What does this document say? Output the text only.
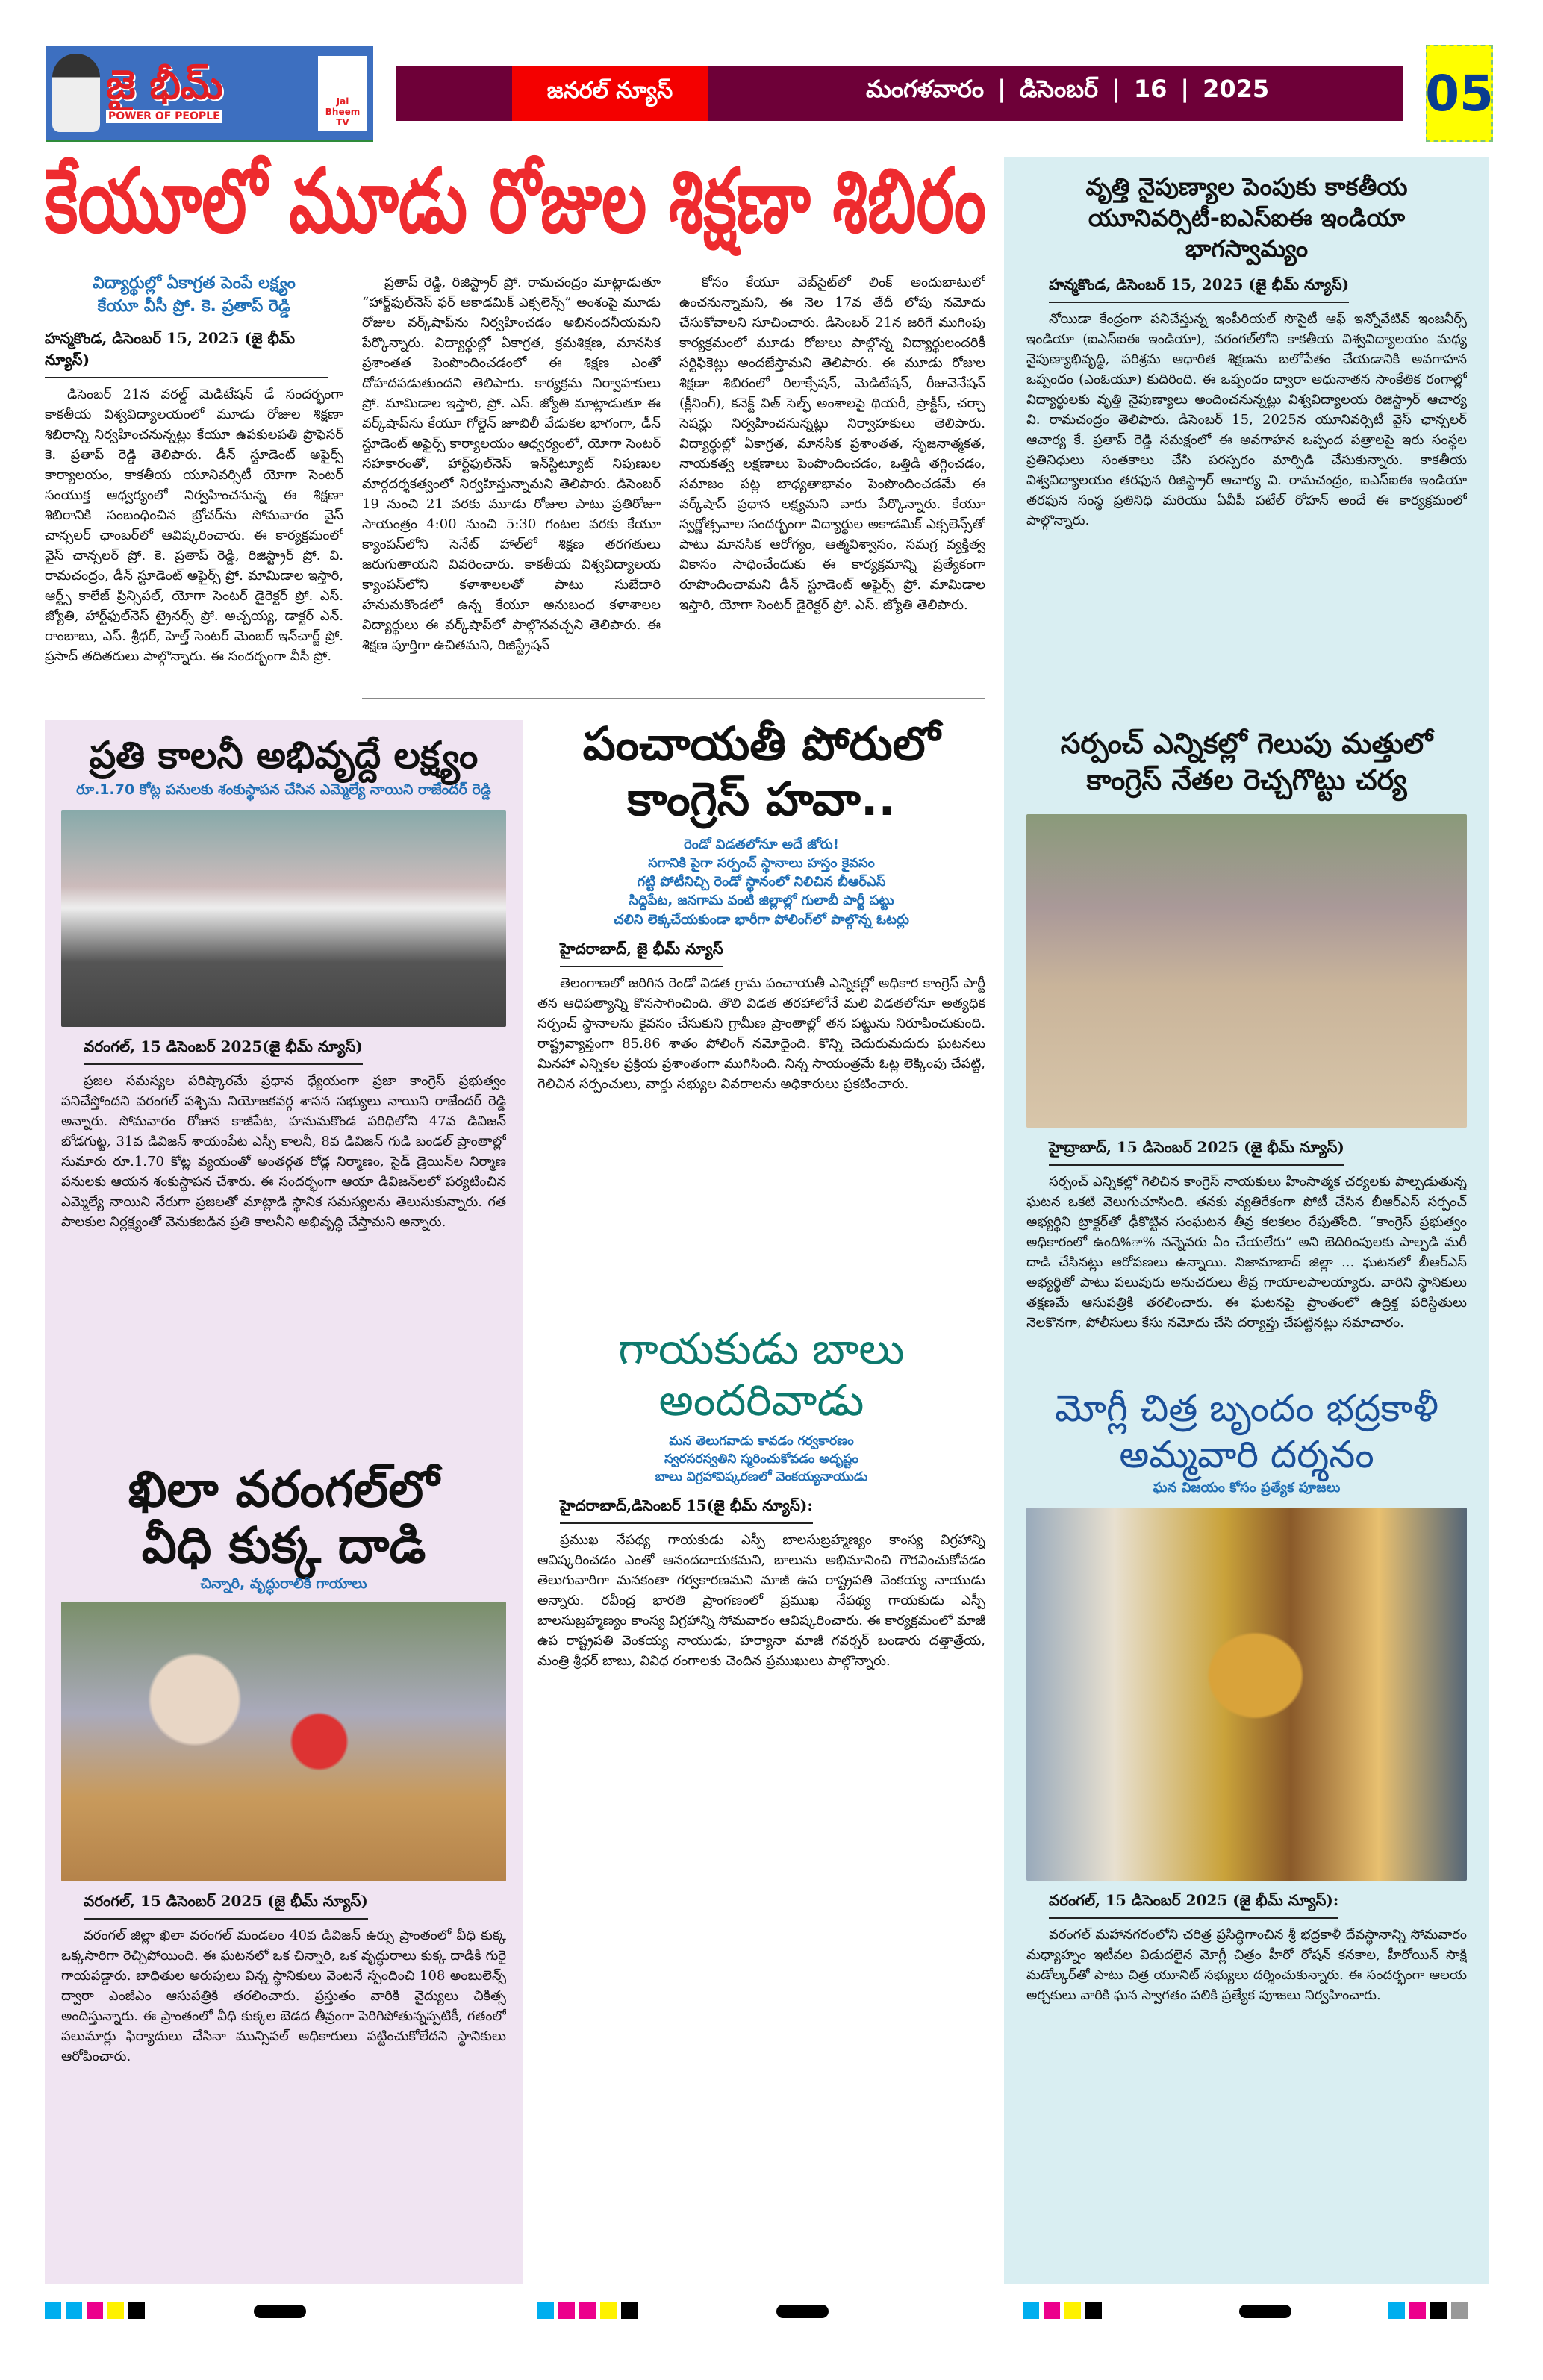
జై భీమ్
POWER OF PEOPLE
Jai Bheem TV
జనరల్ న్యూస్	మంగళవారం | డిసెంబర్ | 16 | 2025	05
కేయూలో మూడు రోజుల శిక్షణా శిబిరం
విద్యార్థుల్లో ఏకాగ్రత పెంపే లక్ష్యం
కేయూ వీసీ ప్రో. కె. ప్రతాప్ రెడ్డి
హన్మకొండ, డిసెంబర్ 15, 2025 (జై భీమ్ న్యూస్)
డిసెంబర్ 21న వరల్డ్ మెడిటేషన్ డే సందర్భంగా కాకతీయ విశ్వవిద్యాలయంలో మూడు రోజుల శిక్షణా శిబిరాన్ని నిర్వహించనున్నట్లు కేయూ ఉపకులపతి ప్రొఫెసర్ కె. ప్రతాప్ రెడ్డి తెలిపారు. డీన్ స్టూడెంట్ అఫైర్స్ కార్యాలయం, కాకతీయ యూనివర్సిటీ యోగా సెంటర్ సంయుక్త ఆధ్వర్యంలో నిర్వహించనున్న ఈ శిక్షణా శిబిరానికి సంబంధించిన బ్రోచర్‌ను సోమవారం వైస్ చాన్సలర్ ఛాంబర్‌లో ఆవిష్కరించారు. ఈ కార్యక్రమంలో వైస్ చాన్సలర్ ప్రో. కె. ప్రతాప్ రెడ్డి, రిజిస్ట్రార్ ప్రో. వి. రామచంద్రం, డీన్ స్టూడెంట్ అఫైర్స్ ప్రో. మామిడాల ఇస్తారి, ఆర్ట్స్ కాలేజ్ ప్రిన్సిపల్, యోగా సెంటర్ డైరెక్టర్ ప్రో. ఎస్. జ్యోతి, హార్ట్‌ఫుల్‌నెస్ ట్రైనర్స్ ప్రో. అచ్చయ్య, డాక్టర్ ఎన్. రాంబాబు, ఎస్. శ్రీధర్, హెల్త్ సెంటర్ మెంబర్ ఇన్‌చార్జ్ ప్రో. ప్రసాద్ తదితరులు పాల్గొన్నారు. ఈ సందర్భంగా వీసీ ప్రో.
ప్రతాప్ రెడ్డి, రిజిస్ట్రార్ ప్రో. రామచంద్రం మాట్లాడుతూ “హార్ట్‌ఫుల్‌నెస్ ఫర్ అకాడమిక్ ఎక్సలెన్స్” అంశంపై మూడు రోజుల వర్క్‌షాప్‌ను నిర్వహించడం అభినందనీయమని పేర్కొన్నారు. విద్యార్థుల్లో ఏకాగ్రత, క్రమశిక్షణ, మానసిక ప్రశాంతత పెంపొందించడంలో ఈ శిక్షణ ఎంతో దోహదపడుతుందని తెలిపారు. కార్యక్రమ నిర్వాహకులు ప్రో. మామిడాల ఇస్తారి, ప్రో. ఎస్. జ్యోతి మాట్లాడుతూ ఈ వర్క్‌షాప్‌ను కేయూ గోల్డెన్ జూబిలీ వేడుకల భాగంగా, డీన్ స్టూడెంట్ అఫైర్స్ కార్యాలయం ఆధ్వర్యంలో, యోగా సెంటర్ సహకారంతో, హార్ట్‌ఫుల్‌నెస్ ఇన్‌స్టిట్యూట్ నిపుణుల మార్గదర్శకత్వంలో నిర్వహిస్తున్నామని తెలిపారు. డిసెంబర్ 19 నుంచి 21 వరకు మూడు రోజుల పాటు ప్రతిరోజూ సాయంత్రం 4:00 నుంచి 5:30 గంటల వరకు కేయూ క్యాంపస్‌లోని సెనేట్ హాల్‌లో శిక్షణ తరగతులు జరుగుతాయని వివరించారు. కాకతీయ విశ్వవిద్యాలయ క్యాంపస్‌లోని కళాశాలలతో పాటు సుబేదారి హనుమకొండలో ఉన్న కేయూ అనుబంధ కళాశాలల విద్యార్థులు ఈ వర్క్‌షాప్‌లో పాల్గొనవచ్చని తెలిపారు. ఈ శిక్షణ పూర్తిగా ఉచితమని, రిజిస్ట్రేషన్
కోసం కేయూ వెబ్‌సైట్‌లో లింక్ అందుబాటులో ఉంచనున్నామని, ఈ నెల 17వ తేదీ లోపు నమోదు చేసుకోవాలని సూచించారు. డిసెంబర్ 21న జరిగే ముగింపు కార్యక్రమంలో మూడు రోజులు పాల్గొన్న విద్యార్థులందరికీ సర్టిఫికెట్లు అందజేస్తామని తెలిపారు. ఈ మూడు రోజుల శిక్షణా శిబిరంలో రిలాక్సేషన్, మెడిటేషన్, రీజువెనేషన్ (క్లీనింగ్), కనెక్ట్ విత్ సెల్ఫ్ అంశాలపై థియరీ, ప్రాక్టీస్, చర్చా సెషన్లు నిర్వహించనున్నట్లు నిర్వాహకులు తెలిపారు. విద్యార్థుల్లో ఏకాగ్రత, మానసిక ప్రశాంతత, సృజనాత్మకత, నాయకత్వ లక్షణాలు పెంపొందించడం, ఒత్తిడి తగ్గించడం, సమాజం పట్ల బాధ్యతాభావం పెంపొందించడమే ఈ వర్క్‌షాప్ ప్రధాన లక్ష్యమని వారు పేర్కొన్నారు. కేయూ స్వర్ణోత్సవాల సందర్భంగా విద్యార్థుల అకాడమిక్ ఎక్సలెన్స్‌తో పాటు మానసిక ఆరోగ్యం, ఆత్మవిశ్వాసం, సమగ్ర వ్యక్తిత్వ వికాసం సాధించేందుకు ఈ కార్యక్రమాన్ని ప్రత్యేకంగా రూపొందించామని డీన్ స్టూడెంట్ అఫైర్స్ ప్రో. మామిడాల ఇస్తారి, యోగా సెంటర్ డైరెక్టర్ ప్రో. ఎస్. జ్యోతి తెలిపారు.
ప్రతి కాలనీ అభివృద్దే లక్ష్యం
రూ.1.70 కోట్ల పనులకు శంకుస్థాపన చేసిన ఎమ్మెల్యే నాయిని రాజేందర్ రెడ్డి
వరంగల్, 15 డిసెంబర్ 2025(జై భీమ్ న్యూస్)
ప్రజల సమస్యల పరిష్కారమే ప్రధాన ధ్యేయంగా ప్రజా కాంగ్రెస్ ప్రభుత్వం పనిచేస్తోందని వరంగల్ పశ్చిమ నియోజకవర్గ శాసన సభ్యులు నాయిని రాజేందర్ రెడ్డి అన్నారు. సోమవారం రోజున కాజీపేట, హనుమకొండ పరిధిలోని 47వ డివిజన్ బోడగుట్ట, 31వ డివిజన్ శాయంపేట ఎస్సీ కాలనీ, 8వ డివిజన్ గుడి బండల్ ప్రాంతాల్లో సుమారు రూ.1.70 కోట్ల వ్యయంతో అంతర్గత రోడ్ల నిర్మాణం, సైడ్ డ్రెయిన్‌ల నిర్మాణ పనులకు ఆయన శంకుస్థాపన చేశారు. ఈ సందర్భంగా ఆయా డివిజన్‌లలో పర్యటించిన ఎమ్మెల్యే నాయిని నేరుగా ప్రజలతో మాట్లాడి స్థానిక సమస్యలను తెలుసుకున్నారు. గత పాలకుల నిర్లక్ష్యంతో వెనుకబడిన ప్రతి కాలనీని అభివృద్ధి చేస్తామని అన్నారు.
ఖిలా వరంగల్‌లో
వీధి కుక్క దాడి
చిన్నారి, వృద్ధురాలికి గాయాలు
వరంగల్, 15 డిసెంబర్ 2025 (జై భీమ్ న్యూస్)
వరంగల్ జిల్లా ఖిలా వరంగల్ మండలం 40వ డివిజన్ ఉర్సు ప్రాంతంలో వీధి కుక్క ఒక్కసారిగా రెచ్చిపోయింది. ఈ ఘటనలో ఒక చిన్నారి, ఒక వృద్ధురాలు కుక్క దాడికి గురై గాయపడ్డారు. బాధితుల అరుపులు విన్న స్థానికులు వెంటనే స్పందించి 108 అంబులెన్స్ ద్వారా ఎంజీఎం ఆసుపత్రికి తరలించారు. ప్రస్తుతం వారికి వైద్యులు చికిత్స అందిస్తున్నారు. ఈ ప్రాంతంలో వీధి కుక్కల బెడద తీవ్రంగా పెరిగిపోతున్నప్పటికీ, గతంలో పలుమార్లు ఫిర్యాదులు చేసినా మున్సిపల్ అధికారులు పట్టించుకోలేదని స్థానికులు ఆరోపించారు.
పంచాయతీ పోరులో
కాంగ్రెస్ హవా..
రెండో విడతలోనూ అదే జోరు!
సగానికి పైగా సర్పంచ్ స్థానాలు హస్తం కైవసం
గట్టి పోటీనిచ్చి రెండో స్థానంలో నిలిచిన బీఆర్ఎస్
సిద్దిపేట, జనగామ వంటి జిల్లాల్లో గులాబీ పార్టీ పట్టు
చలిని లెక్కచేయకుండా భారీగా పోలింగ్‌లో పాల్గొన్న ఓటర్లు
హైదరాబాద్, జై భీమ్ న్యూస్
తెలంగాణలో జరిగిన రెండో విడత గ్రామ పంచాయతీ ఎన్నికల్లో అధికార కాంగ్రెస్ పార్టీ తన ఆధిపత్యాన్ని కొనసాగించింది. తొలి విడత తరహాలోనే మలి విడతలోనూ అత్యధిక సర్పంచ్ స్థానాలను కైవసం చేసుకుని గ్రామీణ ప్రాంతాల్లో తన పట్టును నిరూపించుకుంది. రాష్ట్రవ్యాప్తంగా 85.86 శాతం పోలింగ్ నమోదైంది. కొన్ని చెదురుమదురు ఘటనలు మినహా ఎన్నికల ప్రక్రియ ప్రశాంతంగా ముగిసింది. నిన్న సాయంత్రమే ఓట్ల లెక్కింపు చేపట్టి, గెలిచిన సర్పంచులు, వార్డు సభ్యుల వివరాలను అధికారులు ప్రకటించారు.
గాయకుడు బాలు
అందరివాడు
మన తెలుగవాడు కావడం గర్వకారణం
స్వరసరస్వతిని స్మరించుకోవడం అదృష్టం
బాలు విగ్రహావిష్కరణలో వెంకయ్యనాయుడు
హైదరాబాద్,డిసెంబర్ 15(జై భీమ్ న్యూస్):
ప్రముఖ నేపథ్య గాయకుడు ఎస్పీ బాలసుబ్రహ్మణ్యం కాంస్య విగ్రహాన్ని ఆవిష్కరించడం ఎంతో ఆనందదాయకమని, బాలును అభిమానించి గౌరవించుకోవడం తెలుగువారిగా మనకంతా గర్వకారణమని మాజీ ఉప రాష్ట్రపతి వెంకయ్య నాయుడు అన్నారు. రవీంద్ర భారతి ప్రాంగణంలో ప్రముఖ నేపథ్య గాయకుడు ఎస్పీ బాలసుబ్రహ్మణ్యం కాంస్య విగ్రహాన్ని సోమవారం ఆవిష్కరించారు. ఈ కార్యక్రమంలో మాజీ ఉప రాష్ట్రపతి వెంకయ్య నాయుడు, హర్యానా మాజీ గవర్నర్ బండారు దత్తాత్రేయ, మంత్రి శ్రీధర్ బాబు, వివిధ రంగాలకు చెందిన ప్రముఖులు పాల్గొన్నారు.
వృత్తి నైపుణ్యాల పెంపుకు కాకతీయ
యూనివర్సిటీ-ఐఎస్ఐఈ ఇండియా భాగస్వామ్యం
హన్మకొండ, డిసెంబర్ 15, 2025 (జై భీమ్ న్యూస్)
నోయిడా కేంద్రంగా పనిచేస్తున్న ఇంపీరియల్ సొసైటీ ఆఫ్ ఇన్నోవేటివ్ ఇంజనీర్స్ ఇండియా (ఐఎస్ఐఈ ఇండియా), వరంగల్‌లోని కాకతీయ విశ్వవిద్యాలయం మధ్య నైపుణ్యాభివృద్ధి, పరిశ్రమ ఆధారిత శిక్షణను బలోపేతం చేయడానికి అవగాహన ఒప్పందం (ఎంఓయూ) కుదిరింది. ఈ ఒప్పందం ద్వారా అధునాతన సాంకేతిక రంగాల్లో విద్యార్థులకు వృత్తి నైపుణ్యాలు అందించనున్నట్లు విశ్వవిద్యాలయ రిజిస్ట్రార్ ఆచార్య వి. రామచంద్రం తెలిపారు. డిసెంబర్ 15, 2025న యూనివర్సిటీ వైస్ ఛాన్సలర్ ఆచార్య కే. ప్రతాప్ రెడ్డి సమక్షంలో ఈ అవగాహన ఒప్పంద పత్రాలపై ఇరు సంస్థల ప్రతినిధులు సంతకాలు చేసి పరస్పరం మార్పిడి చేసుకున్నారు. కాకతీయ విశ్వవిద్యాలయం తరఫున రిజిస్ట్రార్ ఆచార్య వి. రామచంద్రం, ఐఎస్ఐఈ ఇండియా తరఫున సంస్థ ప్రతినిధి మరియు ఏవీపీ పటేల్ రోహన్ అందే ఈ కార్యక్రమంలో పాల్గొన్నారు.
సర్పంచ్ ఎన్నికల్లో గెలుపు మత్తులో
కాంగ్రెస్ నేతల రెచ్చగొట్టు చర్య
హైద్రాబాద్, 15 డిసెంబర్ 2025 (జై భీమ్ న్యూస్)
సర్పంచ్ ఎన్నికల్లో గెలిచిన కాంగ్రెస్ నాయకులు హింసాత్మక చర్యలకు పాల్పడుతున్న ఘటన ఒకటి వెలుగుచూసింది. తనకు వ్యతిరేకంగా పోటీ చేసిన బీఆర్ఎస్ సర్పంచ్ అభ్యర్థిని ట్రాక్టర్‌తో ఢీకొట్టిన సంఘటన తీవ్ర కలకలం రేపుతోంది. “కాంగ్రెస్ ప్రభుత్వం అధికారంలో ఉంది%ా% నన్నెవరు ఏం చేయలేరు” అని బెదిరింపులకు పాల్పడి మరీ దాడి చేసినట్లు ఆరోపణలు ఉన్నాయి. నిజామాబాద్ జిల్లా ... ఘటనలో బీఆర్ఎస్ అభ్యర్థితో పాటు పలువురు అనుచరులు తీవ్ర గాయాలపాలయ్యారు. వారిని స్థానికులు తక్షణమే ఆసుపత్రికి తరలించారు. ఈ ఘటనపై ప్రాంతంలో ఉద్రిక్త పరిస్థితులు నెలకొనగా, పోలీసులు కేసు నమోదు చేసి దర్యాప్తు చేపట్టినట్లు సమాచారం.
మోగ్లీ చిత్ర బృందం భద్రకాళీ
అమ్మవారి దర్శనం
ఘన విజయం కోసం ప్రత్యేక పూజలు
వరంగల్, 15 డిసెంబర్ 2025 (జై భీమ్ న్యూస్):
వరంగల్ మహానగరంలోని చరిత్ర ప్రసిద్ధిగాంచిన శ్రీ భద్రకాళీ దేవస్థానాన్ని సోమవారం మధ్యాహ్నం ఇటీవల విడుదలైన మోగ్లీ చిత్రం హీరో రోషన్ కనకాల, హీరోయిన్ సాక్షి మడోల్కర్‌తో పాటు చిత్ర యూనిట్ సభ్యులు దర్శించుకున్నారు. ఈ సందర్భంగా ఆలయ అర్చకులు వారికి ఘన స్వాగతం పలికి ప్రత్యేక పూజలు నిర్వహించారు.
